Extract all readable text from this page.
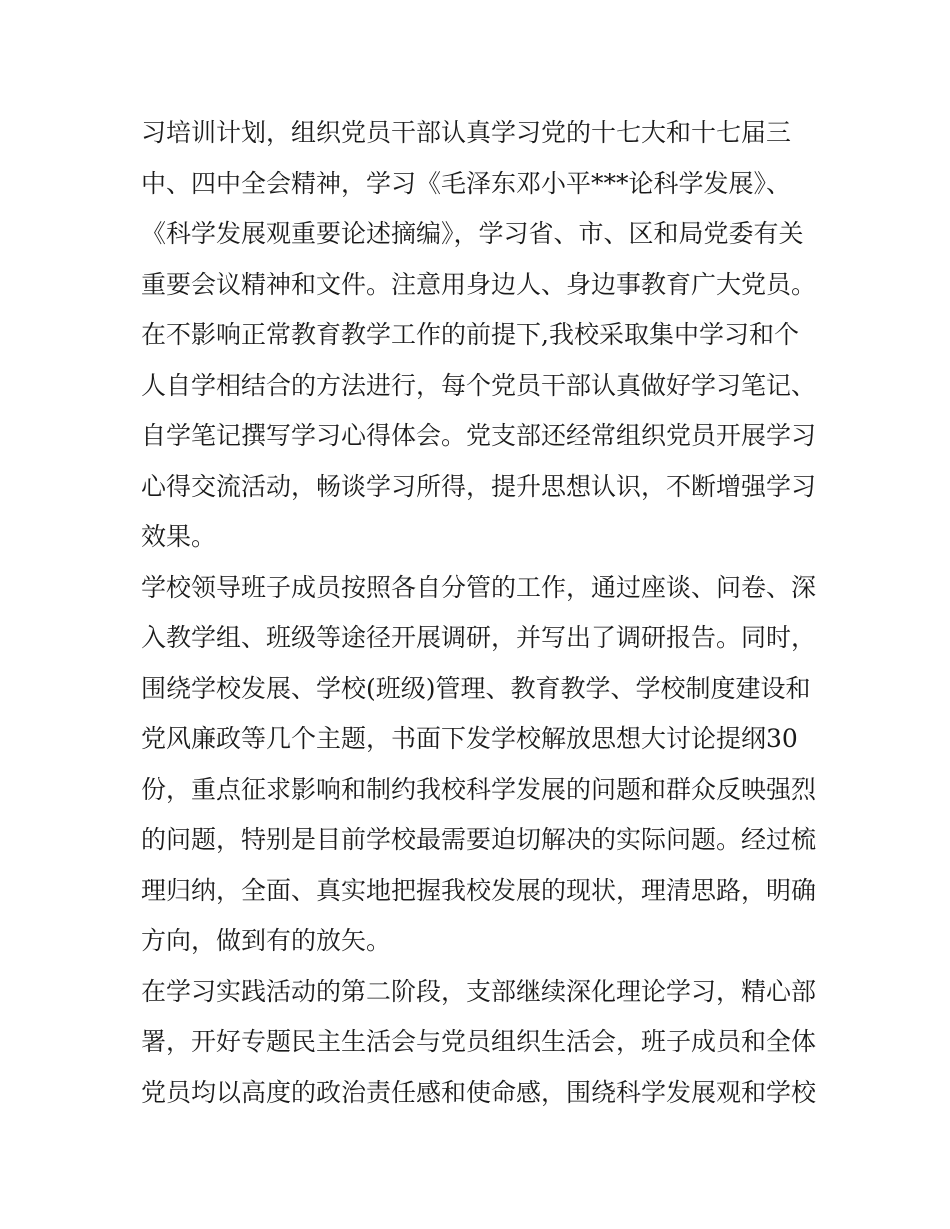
习培训计划，组织党员干部认真学习党的十七大和十七届三
中、四中全会精神，学习《毛泽东邓小平***论科学发展》、
《科学发展观重要论述摘编》，学习省、市、区和局党委有关
重要会议精神和文件。注意用身边人、身边事教育广大党员。
在不影响正常教育教学工作的前提下,我校采取集中学习和个
人自学相结合的方法进行，每个党员干部认真做好学习笔记、
自学笔记撰写学习心得体会。党支部还经常组织党员开展学习
心得交流活动，畅谈学习所得，提升思想认识，不断增强学习
效果。
学校领导班子成员按照各自分管的工作，通过座谈、问卷、深
入教学组、班级等途径开展调研，并写出了调研报告。同时，
围绕学校发展、学校(班级)管理、教育教学、学校制度建设和
党风廉政等几个主题，书面下发学校解放思想大讨论提纲30
份，重点征求影响和制约我校科学发展的问题和群众反映强烈
的问题，特别是目前学校最需要迫切解决的实际问题。经过梳
理归纳，全面、真实地把握我校发展的现状，理清思路，明确
方向，做到有的放矢。
在学习实践活动的第二阶段，支部继续深化理论学习，精心部
署，开好专题民主生活会与党员组织生活会，班子成员和全体
党员均以高度的政治责任感和使命感，围绕科学发展观和学校
